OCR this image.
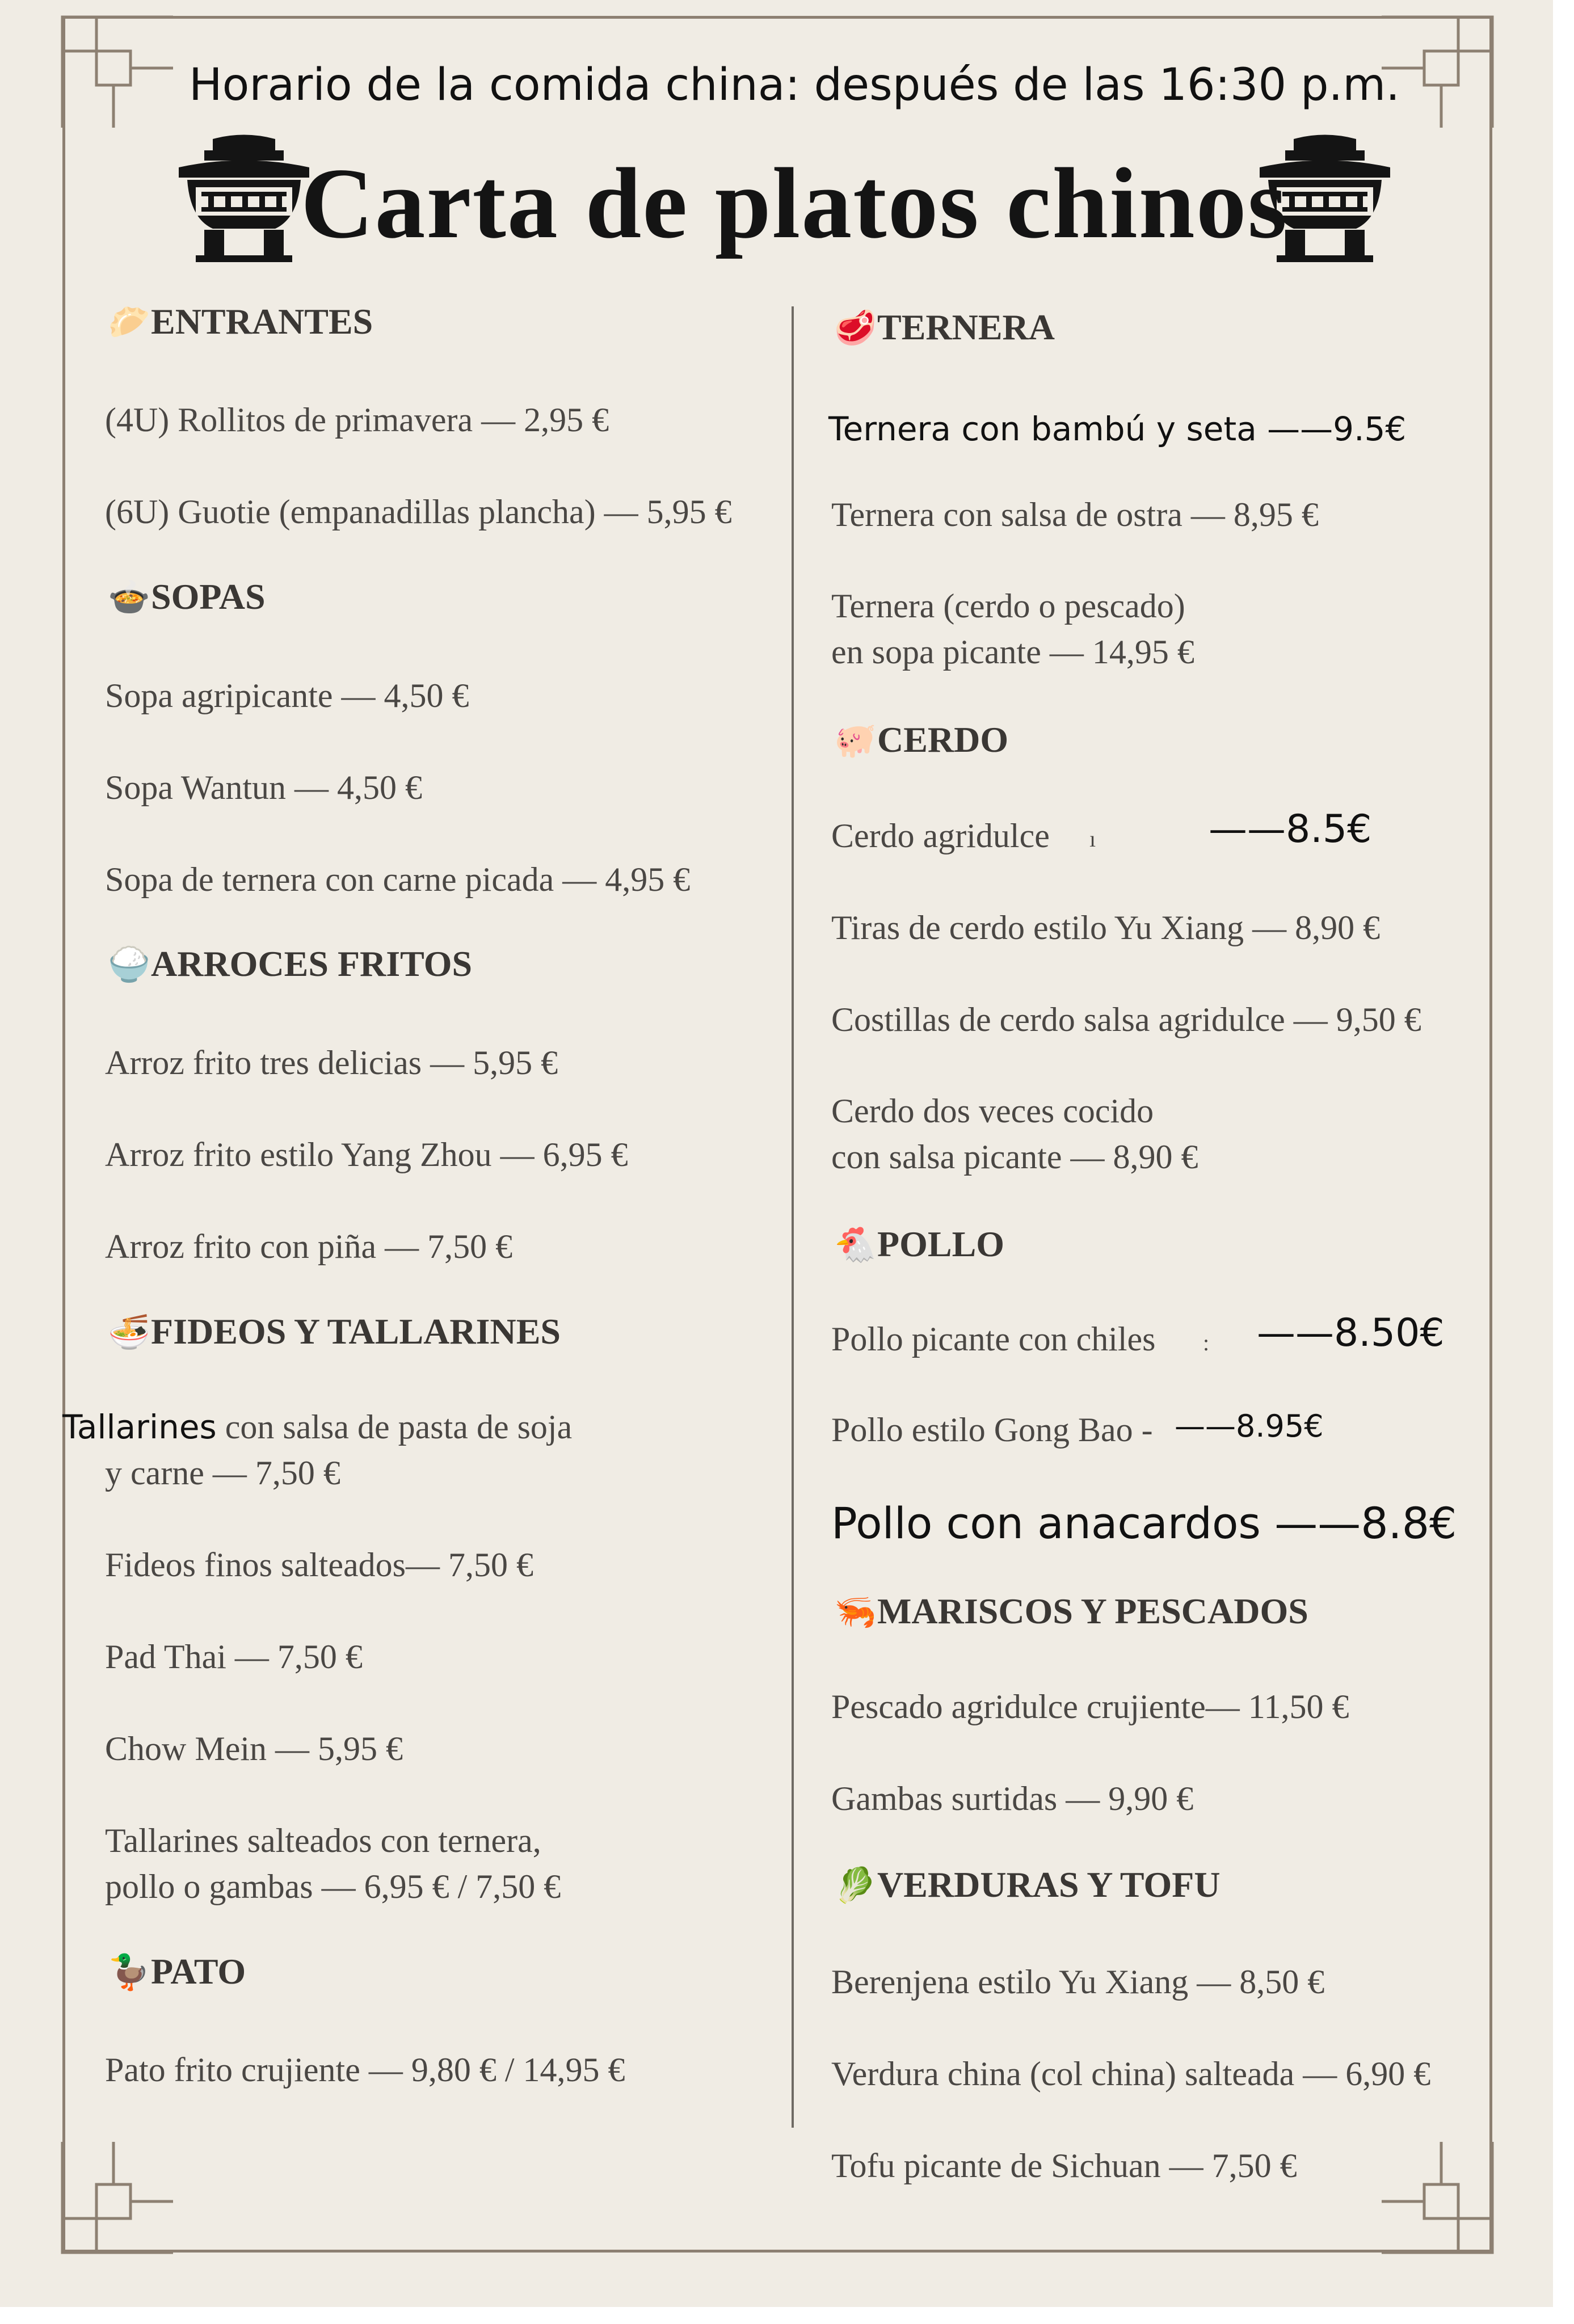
Horario de la comida china: después de las 16:30 p.m.
Carta de platos chinos
🥟ENTRANTES
(4U) Rollitos de primavera — 2,95 €
(6U) Guotie (empanadillas plancha) — 5,95 €
🍲SOPAS
Sopa agripicante — 4,50 €
Sopa Wantun — 4,50 €
Sopa de ternera con carne picada — 4,95 €
🍚ARROCES FRITOS
Arroz frito tres delicias — 5,95 €
Arroz frito estilo Yang Zhou — 6,95 €
Arroz frito con piña — 7,50 €
🍜FIDEOS Y TALLARINES
Tallarines con salsa de pasta de soja
y carne — 7,50 €
Fideos finos salteados— 7,50 €
Pad Thai — 7,50 €
Chow Mein — 5,95 €
Tallarines salteados con ternera,
pollo o gambas — 6,95 € / 7,50 €
🦆PATO
Pato frito crujiente — 9,80 € / 14,95 €
🥩TERNERA
Ternera con bambú y seta ——9.5€
Ternera con salsa de ostra — 8,95 €
Ternera (cerdo o pescado)
en sopa picante — 14,95 €
🐖CERDO
Cerdo agridulce ı	——8.5€
Tiras de cerdo estilo Yu Xiang — 8,90 €
Costillas de cerdo salsa agridulce — 9,50 €
Cerdo dos veces cocido
con salsa picante — 8,90 €
🐔POLLO
Pollo picante con chiles : ——8.50€
Pollo estilo Gong Bao - ——8.95€
Pollo con anacardos ——8.8€
🦐MARISCOS Y PESCADOS
Pescado agridulce crujiente— 11,50 €
Gambas surtidas — 9,90 €
🥬VERDURAS Y TOFU
Berenjena estilo Yu Xiang — 8,50 €
Verdura china (col china) salteada — 6,90 €
Tofu picante de Sichuan — 7,50 €
